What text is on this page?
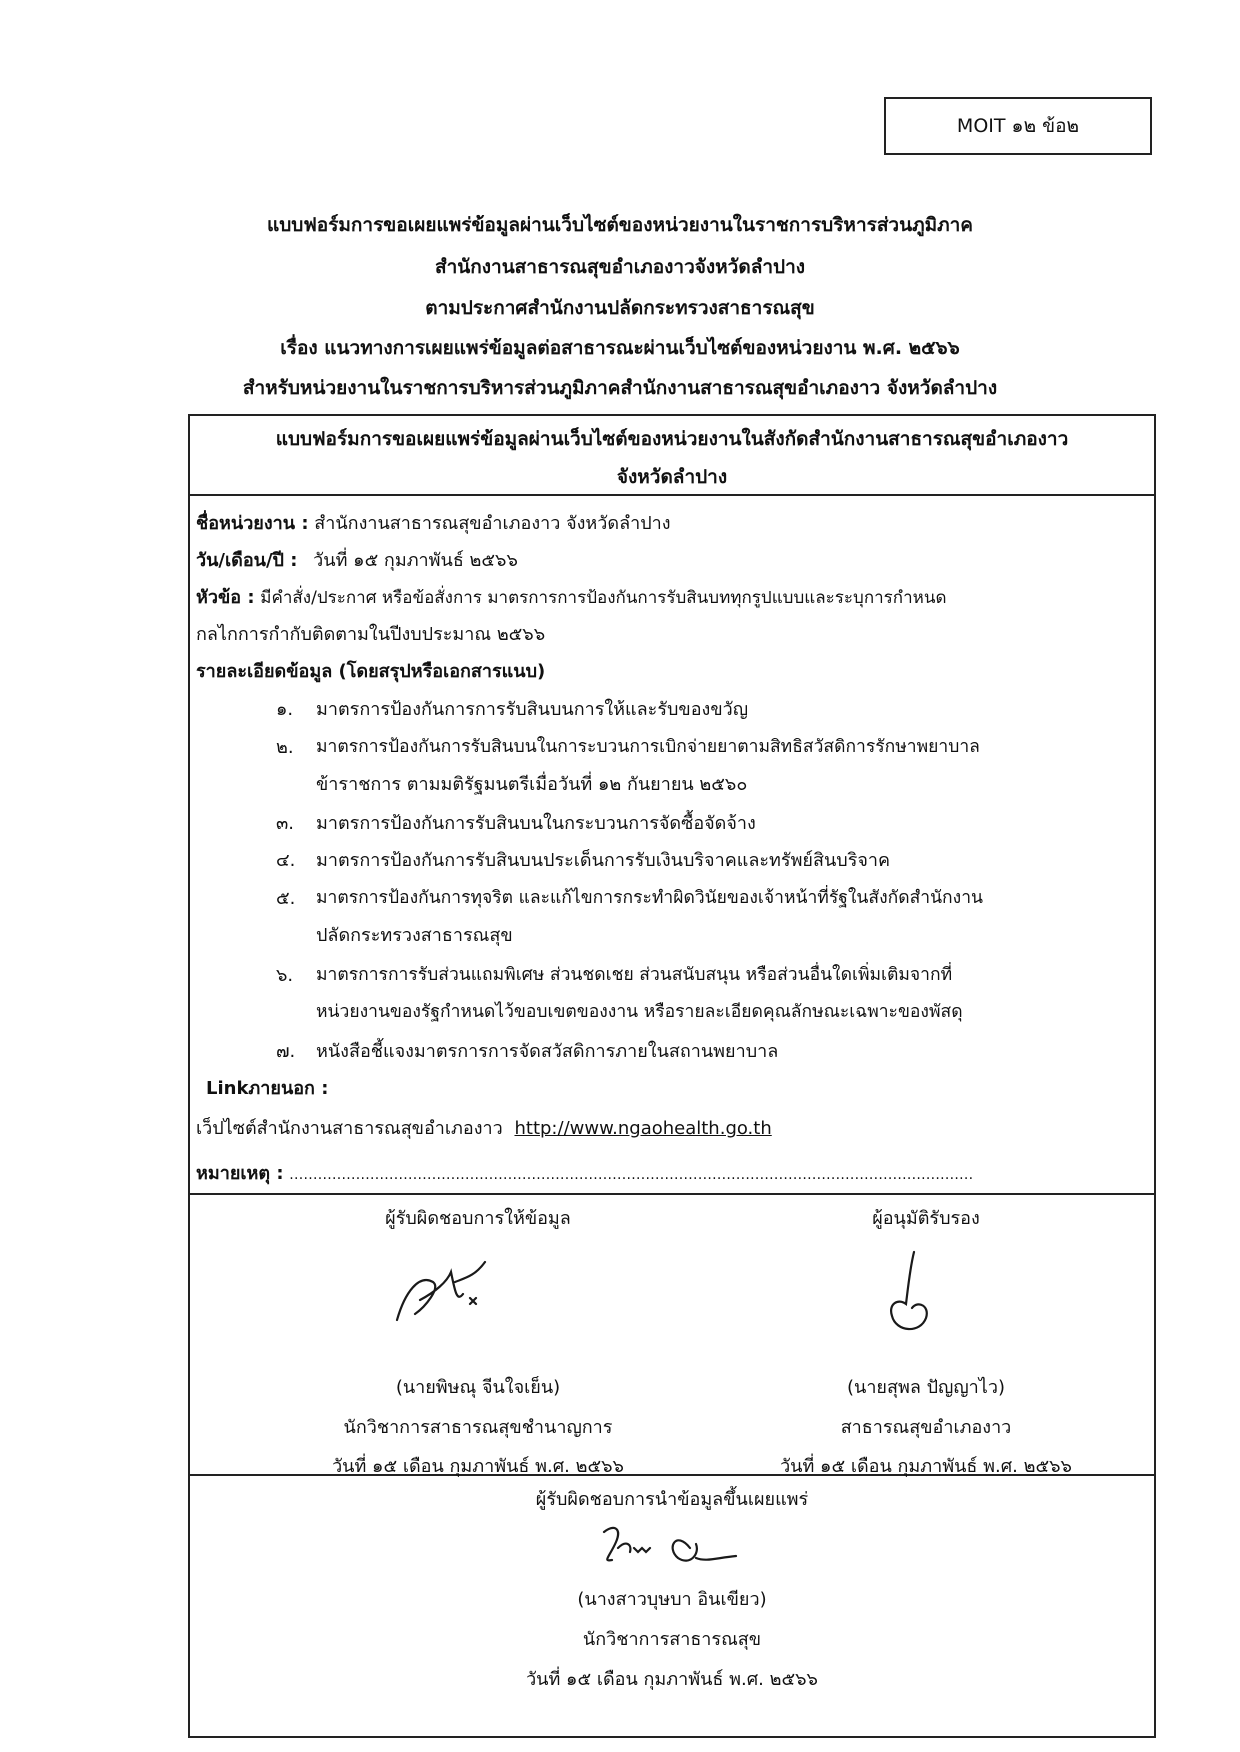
MOIT ๑๒ ข้อ๒
แบบฟอร์มการขอเผยแพร่ข้อมูลผ่านเว็บไซต์ของหน่วยงานในราชการบริหารส่วนภูมิภาค
สำนักงานสาธารณสุขอำเภองาวจังหวัดลำปาง
ตามประกาศสำนักงานปลัดกระทรวงสาธารณสุข
เรื่อง แนวทางการเผยแพร่ข้อมูลต่อสาธารณะผ่านเว็บไซต์ของหน่วยงาน พ.ศ. ๒๕๖๖
สำหรับหน่วยงานในราชการบริหารส่วนภูมิภาคสำนักงานสาธารณสุขอำเภองาว จังหวัดลำปาง
แบบฟอร์มการขอเผยแพร่ข้อมูลผ่านเว็บไซต์ของหน่วยงานในสังกัดสำนักงานสาธารณสุขอำเภองาว
จังหวัดลำปาง
ชื่อหน่วยงาน : สำนักงานสาธารณสุขอำเภองาว จังหวัดลำปาง
วัน/เดือน/ปี : วันที่ ๑๕ กุมภาพันธ์ ๒๕๖๖
หัวข้อ : มีคำสั่ง/ประกาศ หรือข้อสั่งการ มาตรการการป้องกันการรับสินบททุกรูปแบบและระบุการกำหนด
กลไกการกำกับติดตามในปีงบประมาณ ๒๕๖๖
รายละเอียดข้อมูล (โดยสรุปหรือเอกสารแนบ)
๑. มาตรการป้องกันการการรับสินบนการให้และรับของขวัญ
๒. มาตรการป้องกันการรับสินบนในการะบวนการเบิกจ่ายยาตามสิทธิสวัสดิการรักษาพยาบาล
ข้าราชการ ตามมติรัฐมนตรีเมื่อวันที่ ๑๒ กันยายน ๒๕๖๐
๓. มาตรการป้องกันการรับสินบนในกระบวนการจัดซื้อจัดจ้าง
๔. มาตรการป้องกันการรับสินบนประเด็นการรับเงินบริจาคและทรัพย์สินบริจาค
๕. มาตรการป้องกันการทุจริต และแก้ไขการกระทำผิดวินัยของเจ้าหน้าที่รัฐในสังกัดสำนักงาน
ปลัดกระทรวงสาธารณสุข
๖. มาตรการการรับส่วนแถมพิเศษ ส่วนชดเชย ส่วนสนับสนุน หรือส่วนอื่นใดเพิ่มเติมจากที่
หน่วยงานของรัฐกำหนดไว้ขอบเขตของงาน หรือรายละเอียดคุณลักษณะเฉพาะของพัสดุ
๗. หนังสือชี้แจงมาตรการการจัดสวัสดิการภายในสถานพยาบาล
Linkภายนอก :
เว็ปไซต์สำนักงานสาธารณสุขอำเภองาว http://www.ngaohealth.go.th
หมายเหตุ : ................................................................................................................................................
ผู้รับผิดชอบการให้ข้อมูล
(นายพิษณุ จีนใจเย็น)
นักวิชาการสาธารณสุขชำนาญการ
วันที่ ๑๕ เดือน กุมภาพันธ์ พ.ศ. ๒๕๖๖
ผู้อนุมัติรับรอง
(นายสุพล ปัญญาไว)
สาธารณสุขอำเภองาว
วันที่ ๑๕ เดือน กุมภาพันธ์ พ.ศ. ๒๕๖๖
ผู้รับผิดชอบการนำข้อมูลขึ้นเผยแพร่
(นางสาวบุษบา อินเขียว)
นักวิชาการสาธารณสุข
วันที่ ๑๕ เดือน กุมภาพันธ์ พ.ศ. ๒๕๖๖
